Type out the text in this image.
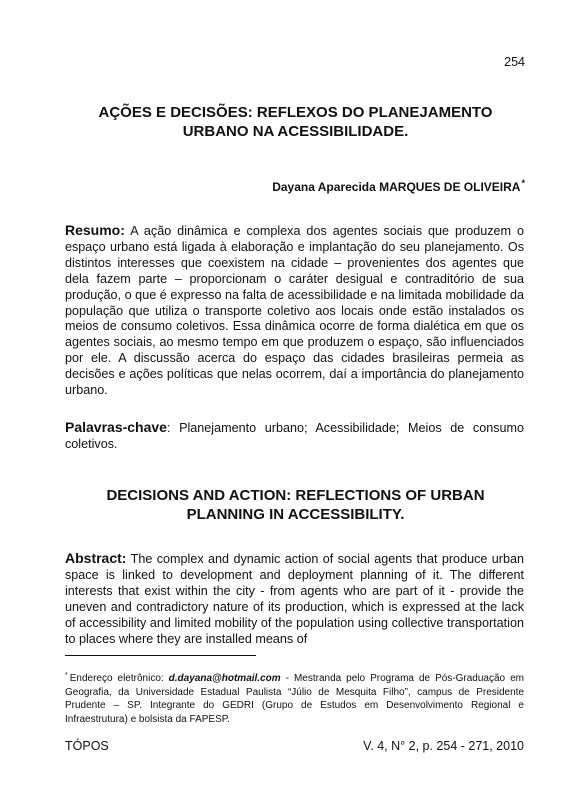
254
AÇÕES E DECISÕES: REFLEXOS DO PLANEJAMENTO
URBANO NA ACESSIBILIDADE.
Dayana Aparecida MARQUES DE OLIVEIRA*
Resumo: A ação dinâmica e complexa dos agentes sociais que produzem o espaço urbano está ligada à elaboração e implantação do seu planejamento. Os distintos interesses que coexistem na cidade – provenientes dos agentes que dela fazem parte – proporcionam o caráter desigual e contraditório de sua produção, o que é expresso na falta de acessibilidade e na limitada mobilidade da população que utiliza o transporte coletivo aos locais onde estão instalados os meios de consumo coletivos. Essa dinâmica ocorre de forma dialética em que os agentes sociais, ao mesmo tempo em que produzem o espaço, são influenciados por ele. A discussão acerca do espaço das cidades brasileiras permeia as decisões e ações políticas que nelas ocorrem, daí a importância do planejamento urbano.
Palavras-chave: Planejamento urbano; Acessibilidade; Meios de consumo coletivos.
DECISIONS AND ACTION: REFLECTIONS OF URBAN
PLANNING IN ACCESSIBILITY.
Abstract: The complex and dynamic action of social agents that produce urban space is linked to development and deployment planning of it. The different interests that exist within the city - from agents who are part of it - provide the uneven and contradictory nature of its production, which is expressed at the lack of accessibility and limited mobility of the population using collective transportation to places where they are installed means of
* Endereço eletrônico: d.dayana@hotmail.com - Mestranda pelo Programa de Pós-Graduação em Geografia, da Universidade Estadual Paulista “Júlio de Mesquita Filho”, campus de Presidente Prudente – SP. Integrante do GEDRI (Grupo de Estudos em Desenvolvimento Regional e Infraestrutura) e bolsista da FAPESP.
TÓPOS	V. 4, N° 2, p. 254 - 271, 2010
